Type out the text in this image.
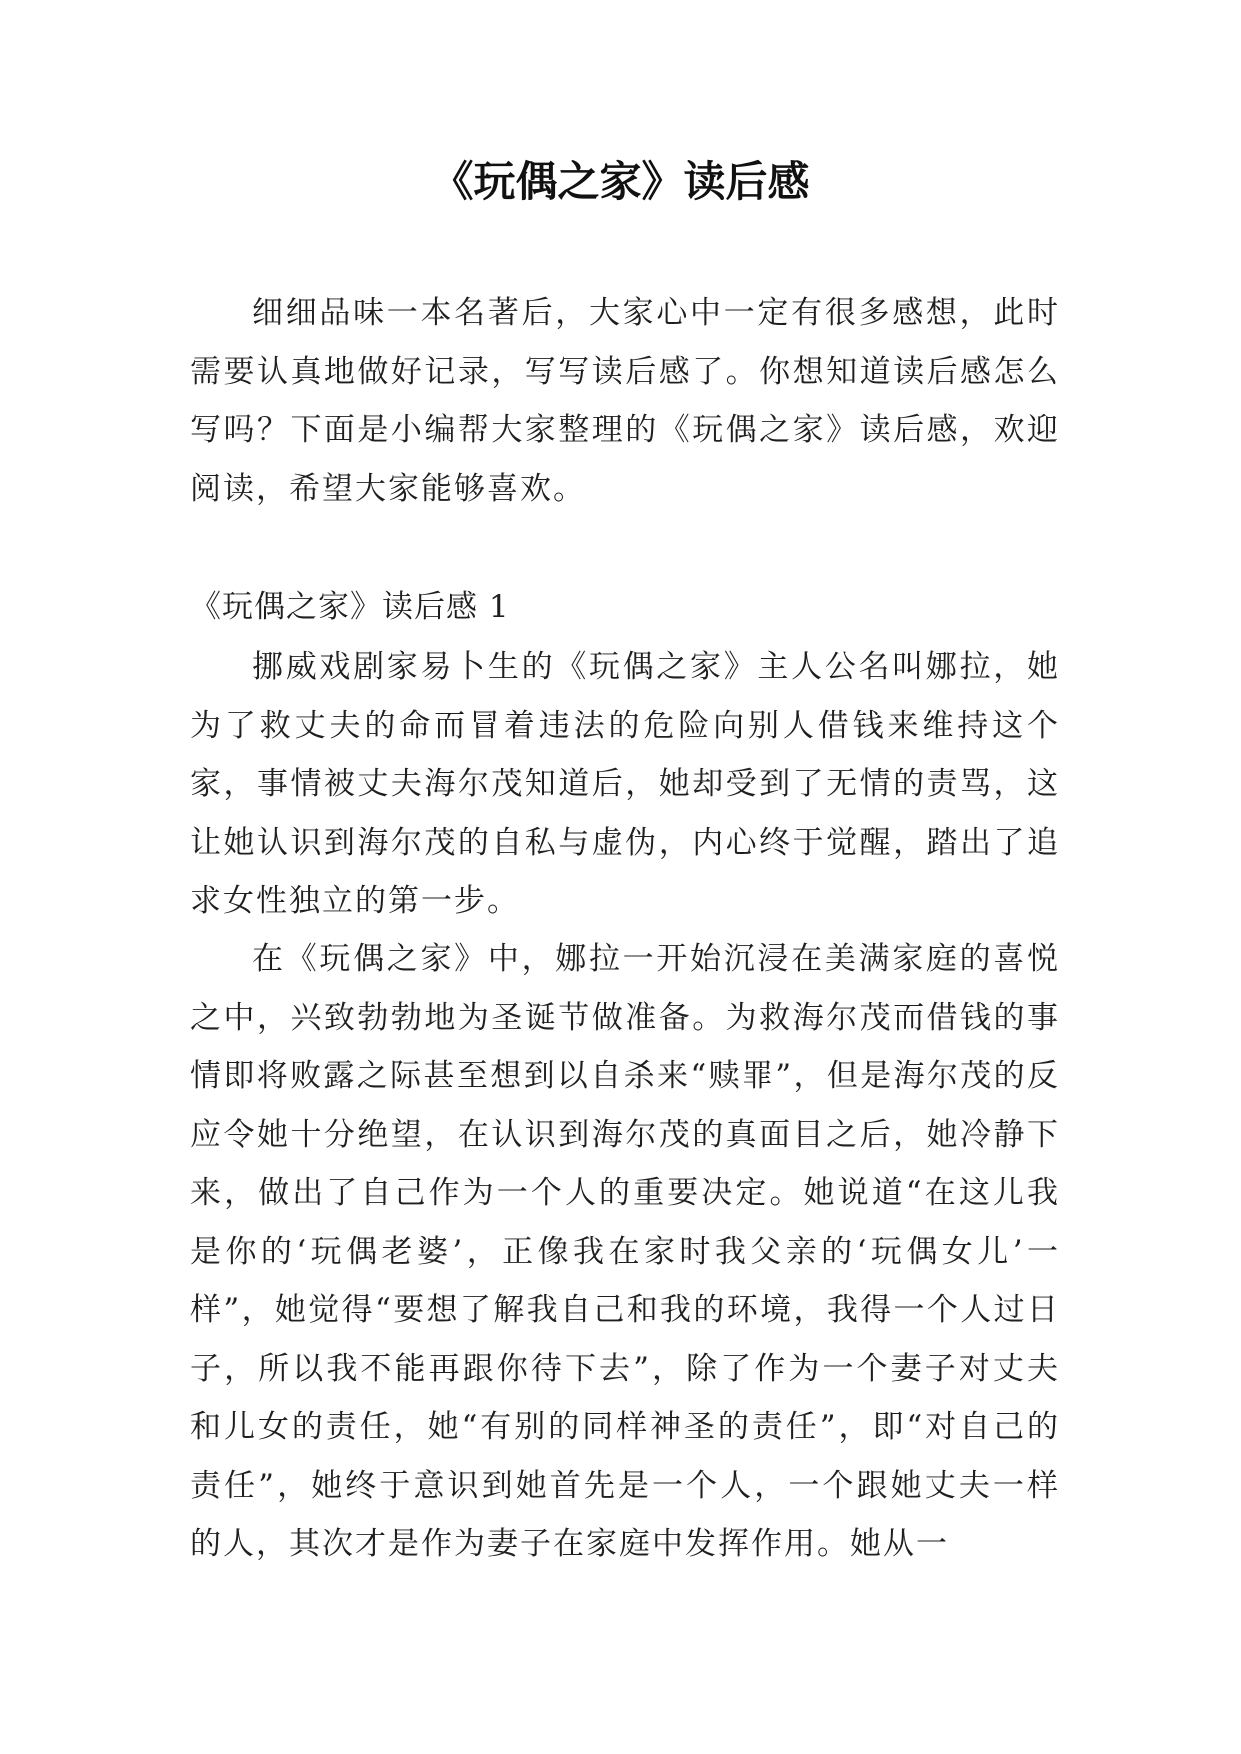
《玩偶之家》读后感

细细品味一本名著后，大家心中一定有很多感想，此时需要认真地做好记录，写写读后感了。你想知道读后感怎么写吗？下面是小编帮大家整理的《玩偶之家》读后感，欢迎阅读，希望大家能够喜欢。

《玩偶之家》读后感 1

挪威戏剧家易卜生的《玩偶之家》主人公名叫娜拉，她为了救丈夫的命而冒着违法的危险向别人借钱来维持这个家，事情被丈夫海尔茂知道后，她却受到了无情的责骂，这让她认识到海尔茂的自私与虚伪，内心终于觉醒，踏出了追求女性独立的第一步。

在《玩偶之家》中，娜拉一开始沉浸在美满家庭的喜悦之中，兴致勃勃地为圣诞节做准备。为救海尔茂而借钱的事情即将败露之际甚至想到以自杀来“赎罪”，但是海尔茂的反应令她十分绝望，在认识到海尔茂的真面目之后，她冷静下来，做出了自己作为一个人的重要决定。她说道“在这儿我是你的‘玩偶老婆’，正像我在家时我父亲的‘玩偶女儿’一样”，她觉得“要想了解我自己和我的环境，我得一个人过日子，所以我不能再跟你待下去”，除了作为一个妻子对丈夫和儿女的责任，她“有别的同样神圣的责任”，即“对自己的责任”，她终于意识到她首先是一个人，一个跟她丈夫一样的人，其次才是作为妻子在家庭中发挥作用。她从一
